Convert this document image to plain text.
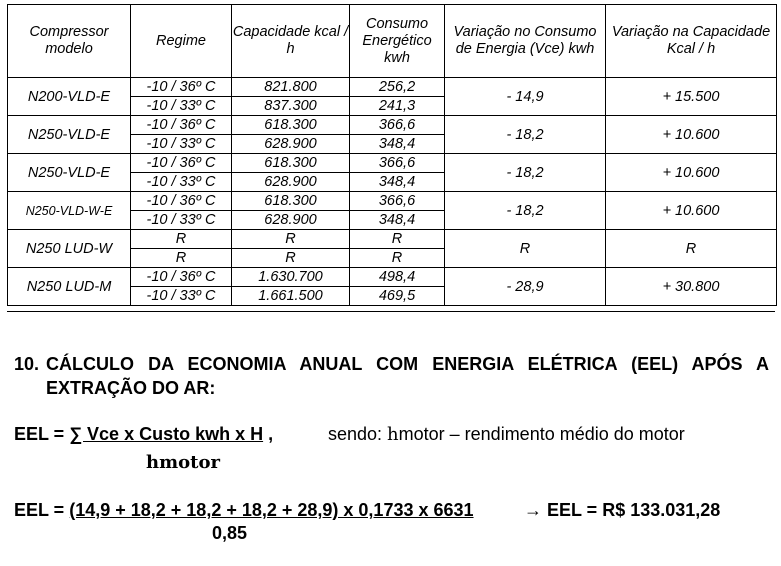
Compressor modelo	Regime	Capacidade kcal / h	Consumo Energético kwh	Variação no Consumo de Energia (Vce) kwh	Variação na Capacidade Kcal / h
N200-VLD-E	-10 / 36º C	821.800	256,2	- 14,9	+ 15.500
	-10 / 33º C	837.300	241,3		
N250-VLD-E	-10 / 36º C	618.300	366,6	- 18,2	+ 10.600
	-10 / 33º C	628.900	348,4		
N250-VLD-E	-10 / 36º C	618.300	366,6	- 18,2	+ 10.600
	-10 / 33º C	628.900	348,4		
N250-VLD-W-E	-10 / 36º C	618.300	366,6	- 18,2	+ 10.600
	-10 / 33º C	628.900	348,4		
N250 LUD-W	R	R	R	R	R
	R	R	R		
N250 LUD-M	-10 / 36º C	1.630.700	498,4	- 28,9	+ 30.800
	-10 / 33º C	1.661.500	469,5		
10. CÁLCULO DA ECONOMIA ANUAL COM ENERGIA ELÉTRICA (EEL) APÓS A
EXTRAÇÃO DO AR:
EEL = ∑ Vce x Custo kwh x H ,	sendo: hmotor – rendimento médio do motor
hmotor
EEL = (14,9 + 18,2 + 18,2 + 18,2 + 28,9) x 0,1733 x 6631	→ EEL = R$ 133.031,28
0,85
